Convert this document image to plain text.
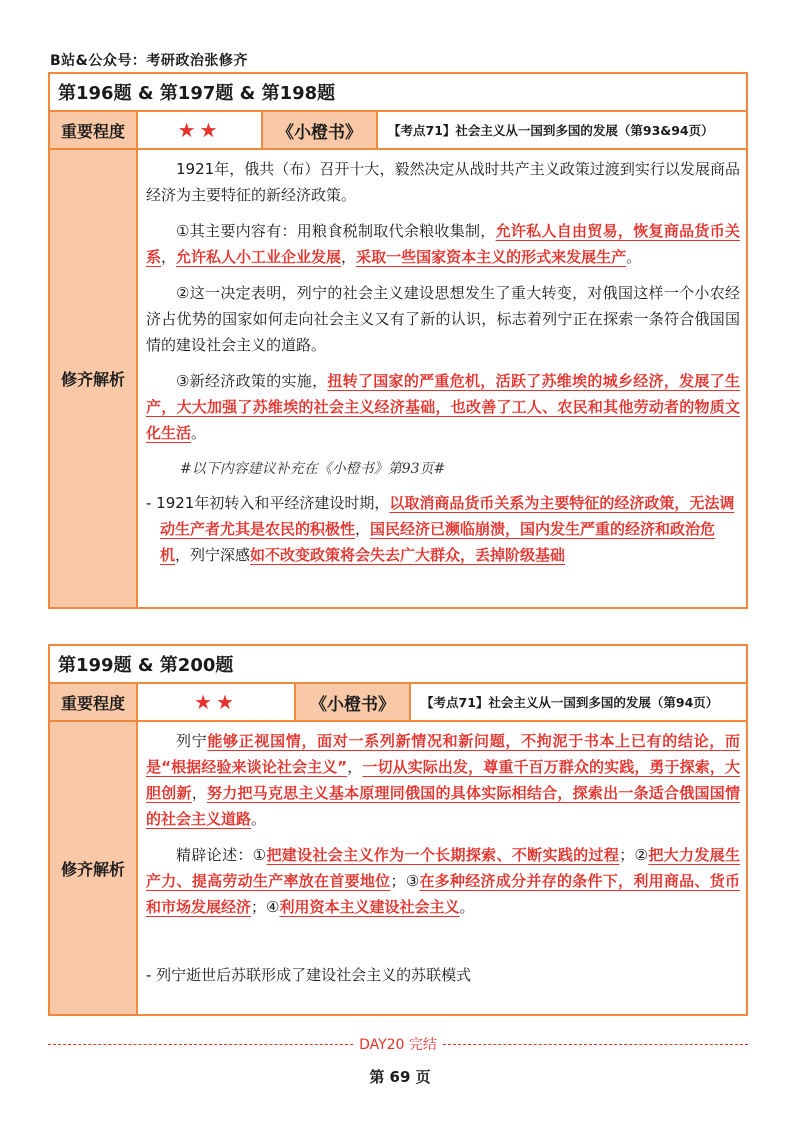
B站&公众号：考研政治张修齐
第196题 & 第197题 & 第198题
重要程度	★★	《小橙书》	【考点71】社会主义从一国到多国的发展（第93&94页）
修齐解析

1921年，俄共（布）召开十大，毅然决定从战时共产主义政策过渡到实行以发展商品经济为主要特征的新经济政策。

①其主要内容有：用粮食税制取代余粮收集制，允许私人自由贸易，恢复商品货币关系，允许私人小工业企业发展，采取一些国家资本主义的形式来发展生产。

②这一决定表明，列宁的社会主义建设思想发生了重大转变，对俄国这样一个小农经济占优势的国家如何走向社会主义又有了新的认识，标志着列宁正在探索一条符合俄国国情的建设社会主义的道路。

③新经济政策的实施，扭转了国家的严重危机，活跃了苏维埃的城乡经济，发展了生产，大大加强了苏维埃的社会主义经济基础，也改善了工人、农民和其他劳动者的物质文化生活。

#以下内容建议补充在《小橙书》第93页#

- 1921年初转入和平经济建设时期，以取消商品货币关系为主要特征的经济政策，无法调动生产者尤其是农民的积极性，国民经济已濒临崩溃，国内发生严重的经济和政治危机，列宁深感如不改变政策将会失去广大群众，丢掉阶级基础

第199题 & 第200题
重要程度	★★	《小橙书》	【考点71】社会主义从一国到多国的发展（第94页）
修齐解析

列宁能够正视国情，面对一系列新情况和新问题，不拘泥于书本上已有的结论，而是“根据经验来谈论社会主义”，一切从实际出发，尊重千百万群众的实践，勇于探索，大胆创新，努力把马克思主义基本原理同俄国的具体实际相结合，探索出一条适合俄国国情的社会主义道路。

精辟论述：①把建设社会主义作为一个长期探索、不断实践的过程；②把大力发展生产力、提高劳动生产率放在首要地位；③在多种经济成分并存的条件下，利用商品、货币和市场发展经济；④利用资本主义建设社会主义。

- 列宁逝世后苏联形成了建设社会主义的苏联模式

DAY20 完结
第 69 页
